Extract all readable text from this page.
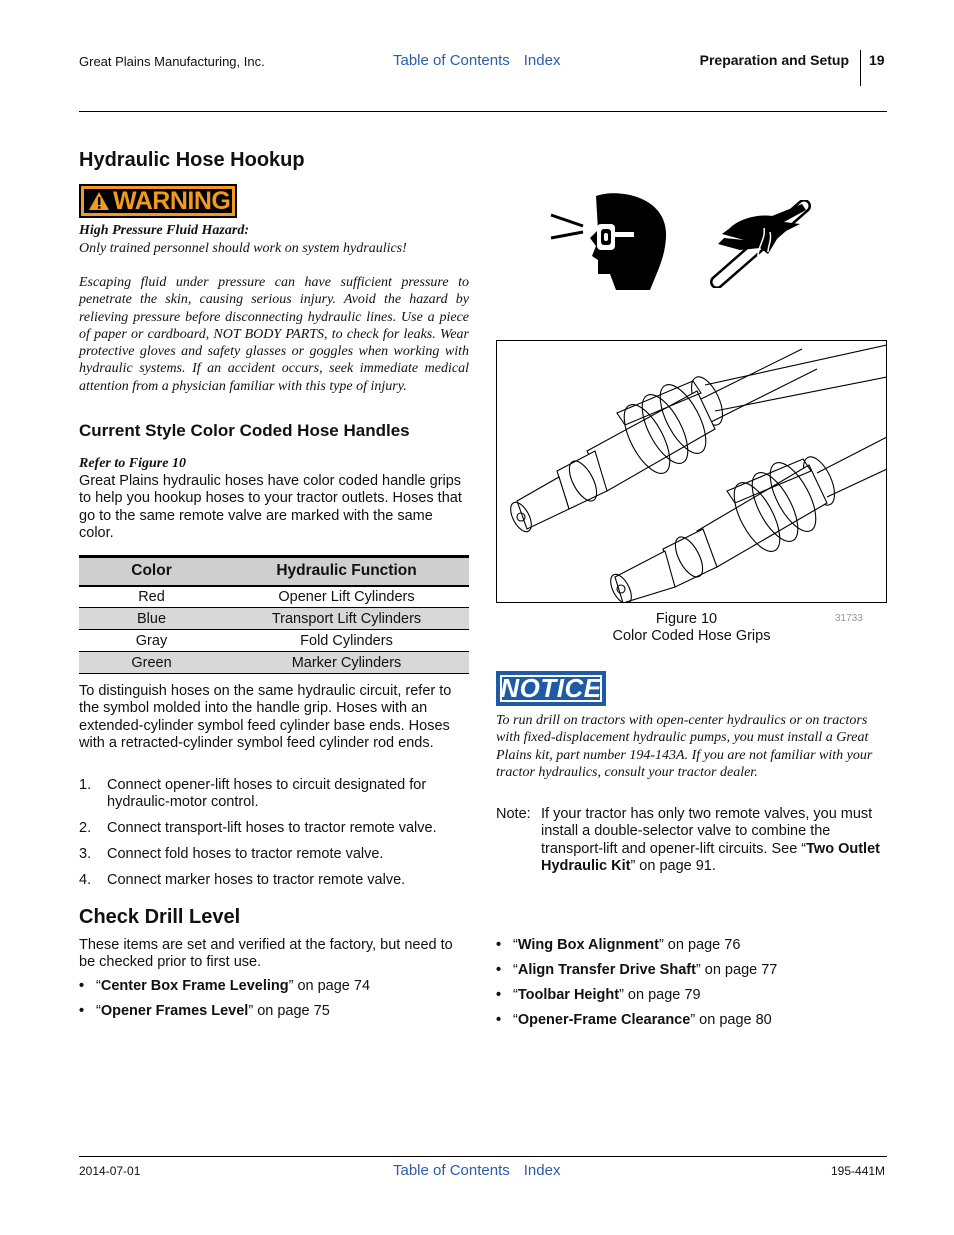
Great Plains Manufacturing, Inc.	Table of Contents Index	Preparation and Setup 19
Hydraulic Hose Hookup
WARNING
High Pressure Fluid Hazard:
Only trained personnel should work on system hydraulics!
Escaping fluid under pressure can have sufficient pressure to penetrate the skin, causing serious injury. Avoid the hazard by relieving pressure before disconnecting hydraulic lines. Use a piece of paper or cardboard, NOT BODY PARTS, to check for leaks. Wear protective gloves and safety glasses or goggles when working with hydraulic systems. If an accident occurs, seek immediate medical attention from a physician familiar with this type of injury.
Current Style Color Coded Hose Handles
Refer to Figure 10
Great Plains hydraulic hoses have color coded handle grips to help you hookup hoses to your tractor outlets. Hoses that go to the same remote valve are marked with the same color.
Color	Hydraulic Function
Red	Opener Lift Cylinders
Blue	Transport Lift Cylinders
Gray	Fold Cylinders
Green	Marker Cylinders
To distinguish hoses on the same hydraulic circuit, refer to the symbol molded into the handle grip. Hoses with an extended-cylinder symbol feed cylinder base ends. Hoses with a retracted-cylinder symbol feed cylinder rod ends.
1. Connect opener-lift hoses to circuit designated for hydraulic-motor control.
2. Connect transport-lift hoses to tractor remote valve.
3. Connect fold hoses to tractor remote valve.
4. Connect marker hoses to tractor remote valve.
Figure 10
Color Coded Hose Grips
31733
NOTICE
To run drill on tractors with open-center hydraulics or on tractors with fixed-displacement hydraulic pumps, you must install a Great Plains kit, part number 194-143A. If you are not familiar with your tractor hydraulics, consult your tractor dealer.
Note: If your tractor has only two remote valves, you must install a double-selector valve to combine the transport-lift and opener-lift circuits. See “Two Outlet Hydraulic Kit” on page 91.
Check Drill Level
These items are set and verified at the factory, but need to be checked prior to first use.
• “Center Box Frame Leveling” on page 74
• “Opener Frames Level” on page 75
• “Wing Box Alignment” on page 76
• “Align Transfer Drive Shaft” on page 77
• “Toolbar Height” on page 79
• “Opener-Frame Clearance” on page 80
2014-07-01	Table of Contents Index	195-441M
